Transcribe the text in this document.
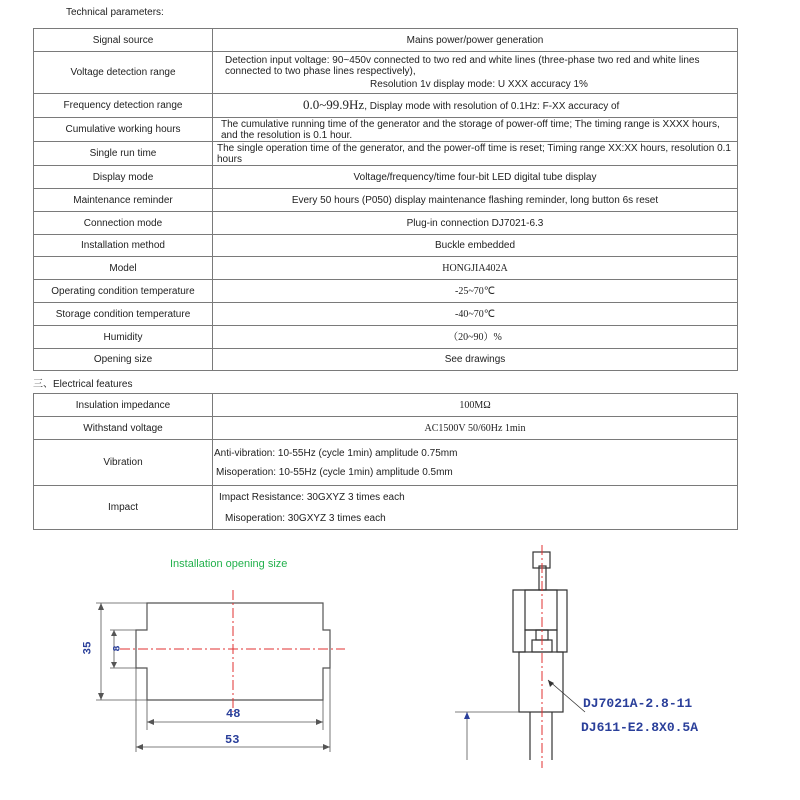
Technical parameters:
Signal source	Mains power/power generation
Voltage detection range	Detection input voltage: 90~450v connected to two red and white lines (three-phase two red and white lines connected to two phase lines respectively),
Resolution 1v display mode: U XXX accuracy 1%

Frequency detection range	0.0~99.9Hz, Display mode with resolution of 0.1Hz: F-XX accuracy of
Cumulative working hours	The cumulative running time of the generator and the storage of power-off time; The timing range is XXXX hours, and the resolution is 0.1 hour.
Single run time	The single operation time of the generator, and the power-off time is reset; Timing range XX:XX hours, resolution 0.1 hours
Display mode	Voltage/frequency/time four-bit LED digital tube display
Maintenance reminder	Every 50 hours (P050) display maintenance flashing reminder, long button 6s reset
Connection mode	Plug-in connection DJ7021-6.3
Installation method	Buckle embedded
Model	HONGJIA402A
Operating condition temperature	-25~70℃
Storage condition temperature	-40~70℃
Humidity	（20~90）%
Opening size	See drawings
三、Electrical features
Insulation impedance	100MΩ
Withstand voltage	AC1500V 50/60Hz 1min
Vibration	Anti-vibration: 10-55Hz (cycle 1min) amplitude 0.75mm
Misoperation: 10-55Hz (cycle 1min) amplitude 0.5mm

Impact	Impact Resistance: 30GXYZ 3 times each
Misoperation: 30GXYZ 3 times each
Installation opening size
35 8
48
53
DJ7021A-2.8-11
DJ611-E2.8X0.5A
